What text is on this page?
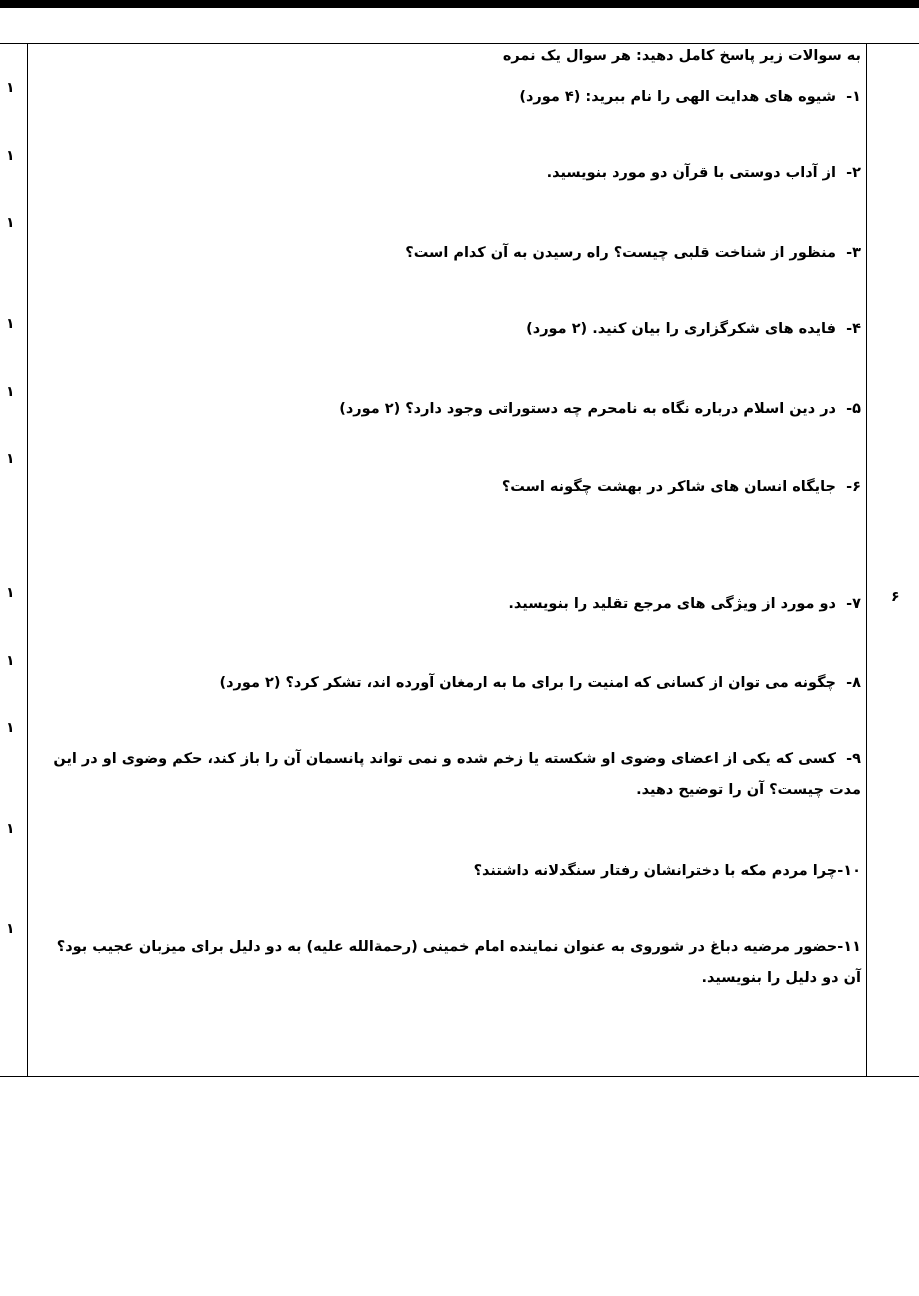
۶
به سوالات زیر پاسخ کامل دهید: هر سوال یک نمره
۱-  شیوه های هدایت الهی را نام ببرید: (۴ مورد)
۲-  از آداب دوستی با قرآن دو مورد بنویسید.
۳-  منظور از شناخت قلبی چیست؟ راه رسیدن به آن کدام است؟
۴-  فایده های شکرگزاری را بیان کنید. (۲ مورد)
۵-  در دین اسلام درباره نگاه به نامحرم چه دستوراتی وجود دارد؟ (۲ مورد)
۶-  جایگاه انسان های شاکر در بهشت چگونه است؟
۷-  دو مورد از ویژگی های مرجع تقلید را بنویسید.
۸-  چگونه می توان از کسانی که امنیت را برای ما به ارمغان آورده اند، تشکر کرد؟ (۲ مورد)
۹-  کسی که یکی از اعضای وضوی او شکسته یا زخم شده و نمی تواند پانسمان آن را باز کند، حکم وضوی او در این مدت چیست؟ آن را توضیح دهید.
۱۰-چرا مردم مکه با دخترانشان رفتار سنگدلانه داشتند؟
۱۱-حضور مرضیه دباغ در شوروی به عنوان نماینده امام خمینی (رحمةالله علیه) به دو دلیل برای میزبان عجیب بود؟ آن دو دلیل را بنویسید.
۱
۱
۱
۱
۱
۱
۱
۱
۱
۱
۱
